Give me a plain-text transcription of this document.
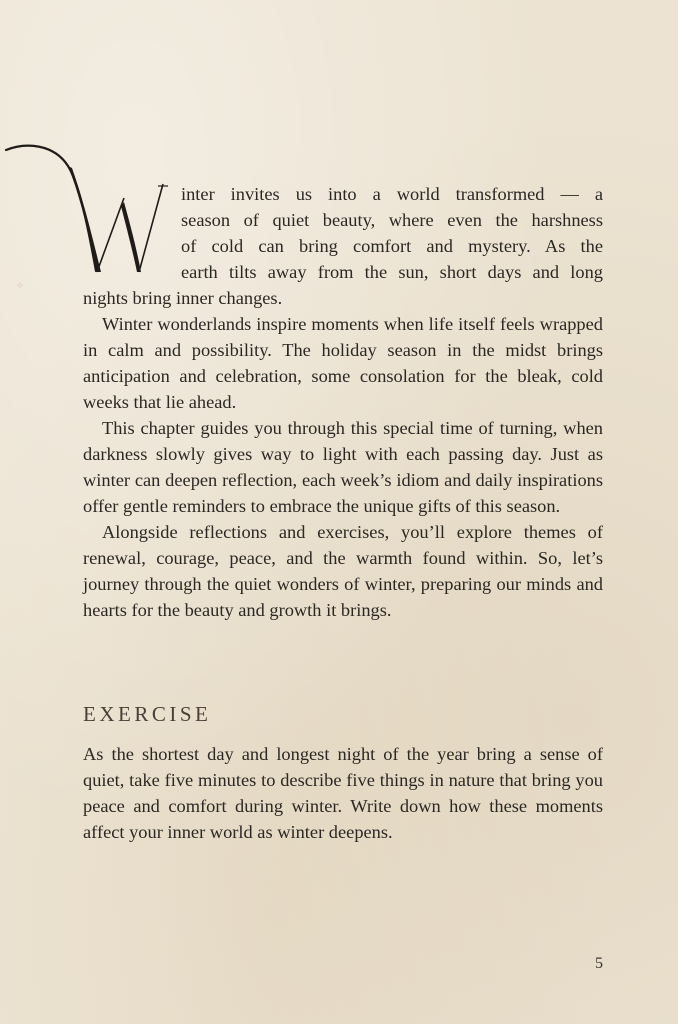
✧
inter invites us into a world transformed — a
season of quiet beauty, where even the harshness
of cold can bring comfort and mystery. As the
earth tilts away from the sun, short days and long
nights bring inner changes.

Winter wonderlands inspire moments when life itself feels wrapped in calm and possibility. The holiday season in the midst brings anticipation and celebration, some consolation for the bleak, cold weeks that lie ahead.

This chapter guides you through this special time of turning, when darkness slowly gives way to light with each passing day. Just as winter can deepen reflection, each week’s idiom and daily inspirations offer gentle reminders to embrace the unique gifts of this season.

Alongside reflections and exercises, you’ll explore themes of renewal, courage, peace, and the warmth found within. So, let’s journey through the quiet wonders of winter, preparing our minds and hearts for the beauty and growth it brings.

EXERCISE

As the shortest day and longest night of the year bring a sense of quiet, take five minutes to describe five things in nature that bring you peace and comfort during winter. Write down how these moments affect your inner world as winter deepens.

5
